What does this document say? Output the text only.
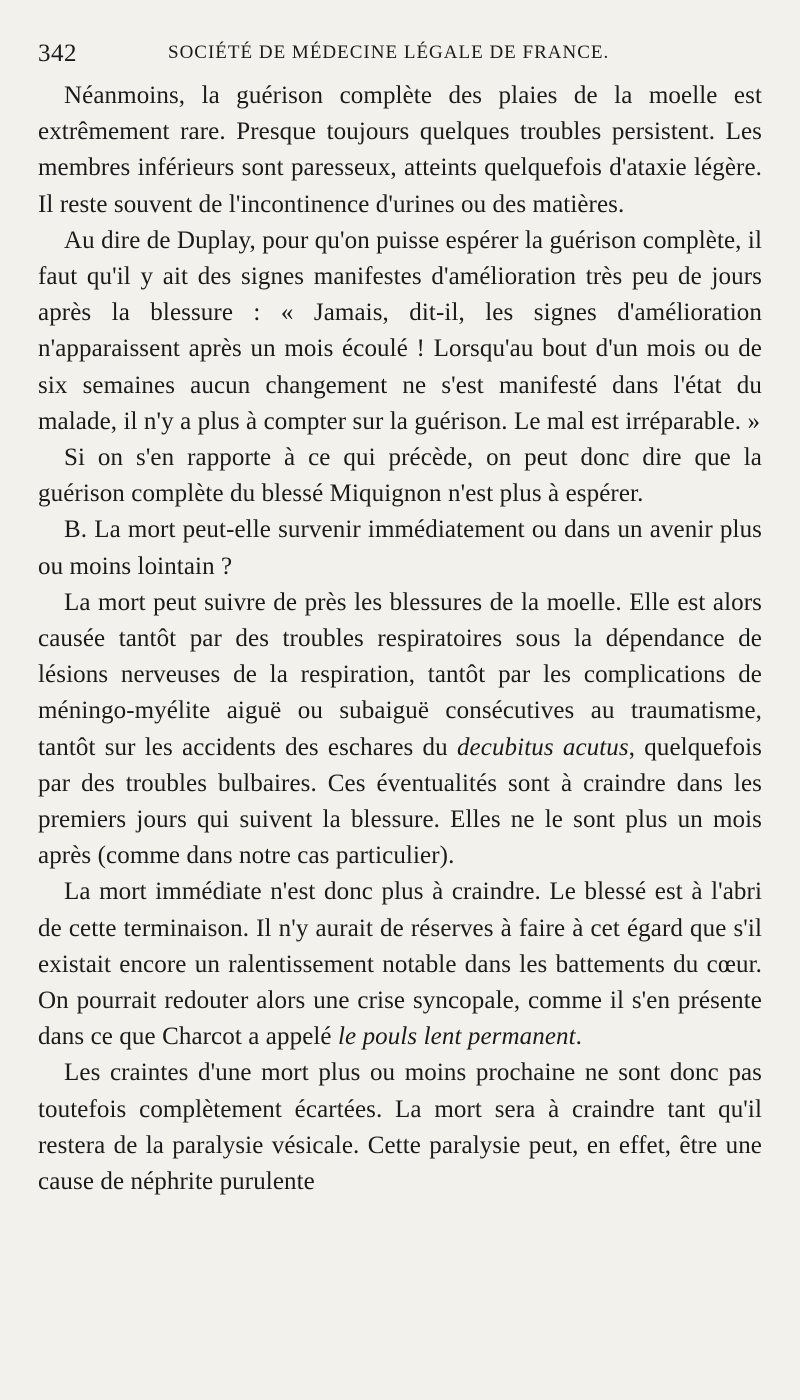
342	SOCIÉTÉ DE MÉDECINE LÉGALE DE FRANCE.

Néanmoins, la guérison complète des plaies de la moelle est extrêmement rare. Presque toujours quelques troubles persistent. Les membres inférieurs sont paresseux, atteints quelquefois d'ataxie légère. Il reste souvent de l'incontinence d'urines ou des matières.

Au dire de Duplay, pour qu'on puisse espérer la guérison complète, il faut qu'il y ait des signes manifestes d'amélioration très peu de jours après la blessure : « Jamais, dit-il, les signes d'amélioration n'apparaissent après un mois écoulé ! Lorsqu'au bout d'un mois ou de six semaines aucun changement ne s'est manifesté dans l'état du malade, il n'y a plus à compter sur la guérison. Le mal est irréparable. »

Si on s'en rapporte à ce qui précède, on peut donc dire que la guérison complète du blessé Miquignon n'est plus à espérer.

B. La mort peut-elle survenir immédiatement ou dans un avenir plus ou moins lointain ?

La mort peut suivre de près les blessures de la moelle. Elle est alors causée tantôt par des troubles respiratoires sous la dépendance de lésions nerveuses de la respiration, tantôt par les complications de méningo-myélite aiguë ou subaiguë consécutives au traumatisme, tantôt sur les accidents des eschares du decubitus acutus, quelquefois par des troubles bulbaires. Ces éventualités sont à craindre dans les premiers jours qui suivent la blessure. Elles ne le sont plus un mois après (comme dans notre cas particulier).

La mort immédiate n'est donc plus à craindre. Le blessé est à l'abri de cette terminaison. Il n'y aurait de réserves à faire à cet égard que s'il existait encore un ralentissement notable dans les battements du cœur. On pourrait redouter alors une crise syncopale, comme il s'en présente dans ce que Charcot a appelé le pouls lent permanent.

Les craintes d'une mort plus ou moins prochaine ne sont donc pas toutefois complètement écartées. La mort sera à craindre tant qu'il restera de la paralysie vésicale. Cette paralysie peut, en effet, être une cause de néphrite purulente
